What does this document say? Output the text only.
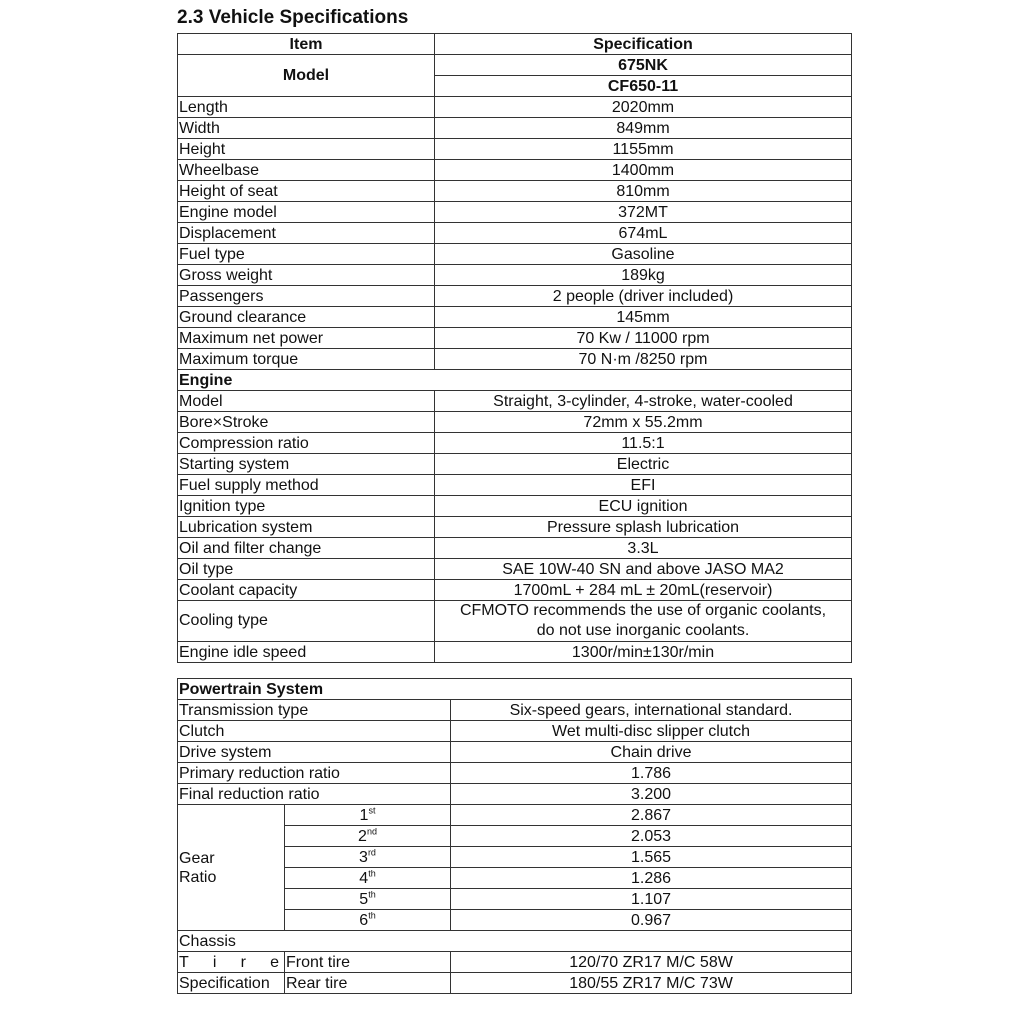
2.3 Vehicle Specifications
Item	Specification
Model	675NK
	CF650-11
Length	2020mm
Width	849mm
Height	1155mm
Wheelbase	1400mm
Height of seat	810mm
Engine model	372MT
Displacement	674mL
Fuel type	Gasoline
Gross weight	189kg
Passengers	2 people (driver included)
Ground clearance	145mm
Maximum net power	70 Kw / 11000 rpm
Maximum torque	70 N·m /8250 rpm
Engine	
Model	Straight, 3-cylinder, 4-stroke, water-cooled
Bore×Stroke	72mm x 55.2mm
Compression ratio	11.5:1
Starting system	Electric
Fuel supply method	EFI
Ignition type	ECU ignition
Lubrication system	Pressure splash lubrication
Oil and filter change	3.3L
Oil type	SAE 10W-40 SN and above JASO MA2
Coolant capacity	1700mL + 284 mL ± 20mL(reservoir)
Cooling type	CFMOTO recommends the use of organic coolants,
do not use inorganic coolants.

Engine idle speed	1300r/min±130r/min
Powertrain System		
Transmission type		Six-speed gears, international standard.
Clutch		Wet multi-disc slipper clutch
Drive system		Chain drive
Primary reduction ratio		1.786
Final reduction ratio		3.200

Gear
Ratio	1st	2.867
	2nd	2.053
	3rd	1.565
	4th	1.286
	5th	1.107
	6th	0.967
Chassis		

T i r e	Front tire	120/70 ZR17 M/C 58W
Specification	Rear tire	180/55 ZR17 M/C 73W
